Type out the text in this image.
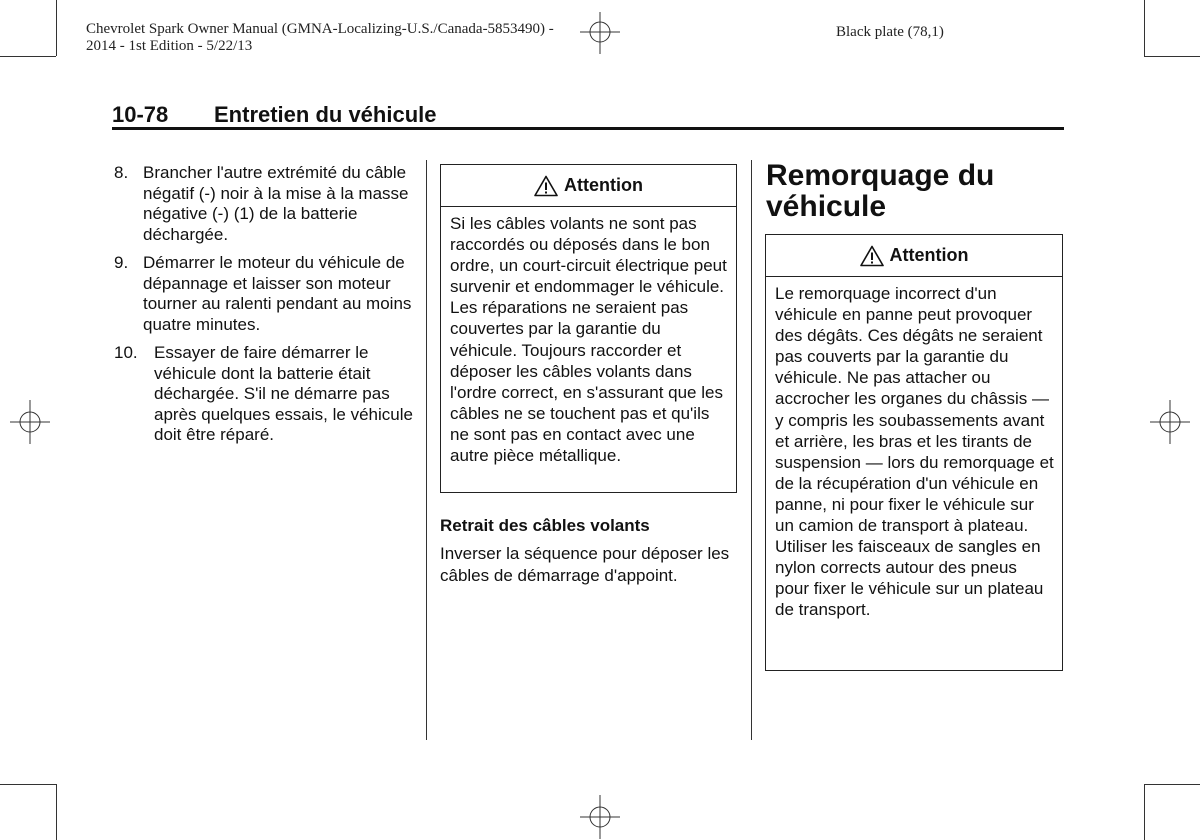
Chevrolet Spark Owner Manual (GMNA-Localizing-U.S./Canada-5853490) -
2014 - 1st Edition - 5/22/13
Black plate (78,1)
10-78 Entretien du véhicule
8. Brancher l'autre extrémité du câble négatif (-) noir à la mise à la masse négative (-) (1) de la batterie déchargée.
9. Démarrer le moteur du véhicule de dépannage et laisser son moteur tourner au ralenti pendant au moins quatre minutes.
10. Essayer de faire démarrer le véhicule dont la batterie était déchargée. S'il ne démarre pas après quelques essais, le véhicule doit être réparé.
Attention
Si les câbles volants ne sont pas raccordés ou déposés dans le bon ordre, un court-circuit électrique peut survenir et endommager le véhicule. Les réparations ne seraient pas couvertes par la garantie du véhicule. Toujours raccorder et déposer les câbles volants dans l'ordre correct, en s'assurant que les câbles ne se touchent pas et qu'ils ne sont pas en contact avec une autre pièce métallique.
Retrait des câbles volants
Inverser la séquence pour déposer les câbles de démarrage d'appoint.
Remorquage du
véhicule
Attention
Le remorquage incorrect d'un véhicule en panne peut provoquer des dégâts. Ces dégâts ne seraient pas couverts par la garantie du véhicule. Ne pas attacher ou accrocher les organes du châssis — y compris les soubassements avant et arrière, les bras et les tirants de suspension — lors du remorquage et de la récupération d'un véhicule en panne, ni pour fixer le véhicule sur un camion de transport à plateau. Utiliser les faisceaux de sangles en nylon corrects autour des pneus pour fixer le véhicule sur un plateau de transport.
